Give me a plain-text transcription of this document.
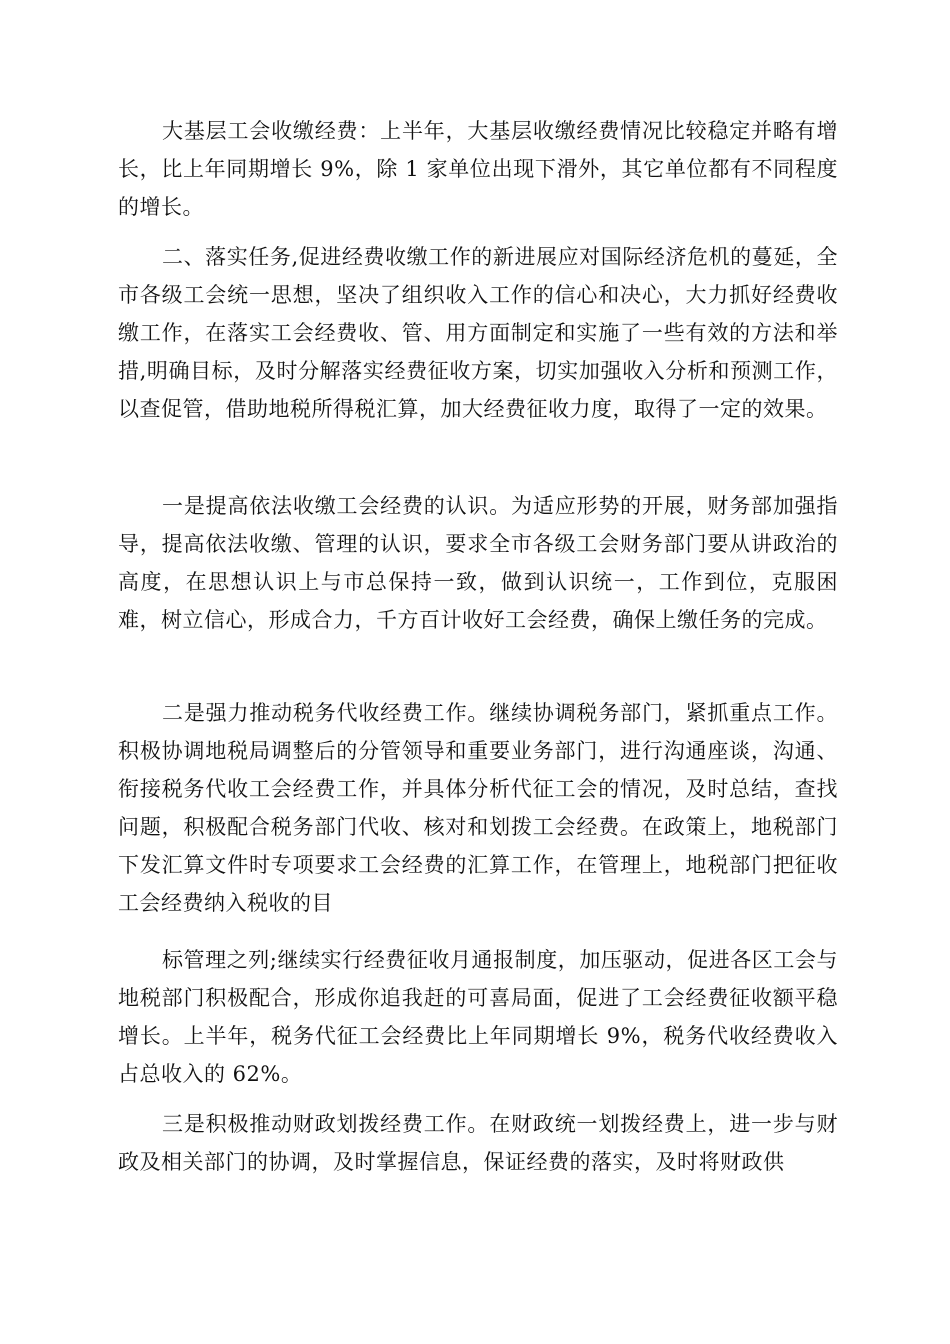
大基层工会收缴经费：上半年，大基层收缴经费情况比较稳定并略有增长，比上年同期增长 9%，除 1 家单位出现下滑外，其它单位都有不同程度的增长。

二、落实任务,促进经费收缴工作的新进展应对国际经济危机的蔓延，全市各级工会统一思想，坚决了组织收入工作的信心和决心，大力抓好经费收缴工作，在落实工会经费收、管、用方面制定和实施了一些有效的方法和举措,明确目标，及时分解落实经费征收方案，切实加强收入分析和预测工作，以查促管，借助地税所得税汇算，加大经费征收力度，取得了一定的效果。

一是提高依法收缴工会经费的认识。为适应形势的开展，财务部加强指导，提高依法收缴、管理的认识，要求全市各级工会财务部门要从讲政治的高度，在思想认识上与市总保持一致，做到认识统一，工作到位，克服困难，树立信心，形成合力，千方百计收好工会经费，确保上缴任务的完成。

二是强力推动税务代收经费工作。继续协调税务部门，紧抓重点工作。积极协调地税局调整后的分管领导和重要业务部门，进行沟通座谈，沟通、衔接税务代收工会经费工作，并具体分析代征工会的情况，及时总结，查找问题，积极配合税务部门代收、核对和划拨工会经费。在政策上，地税部门下发汇算文件时专项要求工会经费的汇算工作，在管理上，地税部门把征收工会经费纳入税收的目

标管理之列;继续实行经费征收月通报制度，加压驱动，促进各区工会与地税部门积极配合，形成你追我赶的可喜局面，促进了工会经费征收额平稳增长。上半年，税务代征工会经费比上年同期增长 9%，税务代收经费收入占总收入的 62%。

三是积极推动财政划拨经费工作。在财政统一划拨经费上，进一步与财政及相关部门的协调，及时掌握信息，保证经费的落实，及时将财政供
